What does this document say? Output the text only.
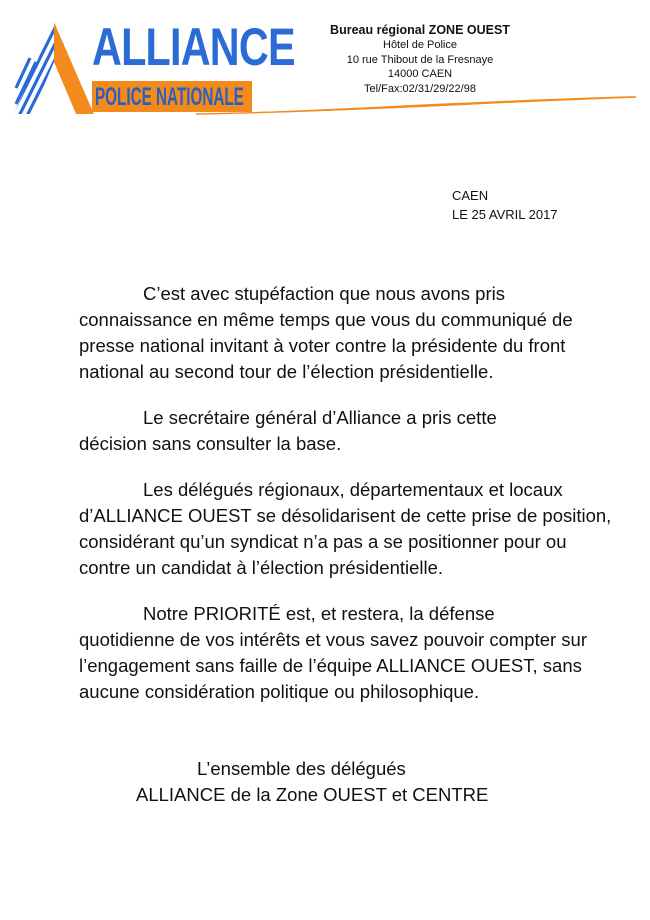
ALLIANCE
POLICE NATIONALE
Bureau régional ZONE OUEST
Hôtel de Police
10 rue Thibout de la Fresnaye
14000 CAEN
Tel/Fax:02/31/29/22/98
CAEN
LE 25 AVRIL 2017

C’est avec stupéfaction que nous avons pris
connaissance en même temps que vous du communiqué de
presse national invitant à voter contre la présidente du front
national au second tour de l’élection présidentielle.

Le secrétaire général d’Alliance a pris cette
décision sans consulter la base.

Les délégués régionaux, départementaux et locaux
d’ALLIANCE OUEST se désolidarisent de cette prise de position,
considérant qu’un syndicat n’a pas a se positionner pour ou
contre un candidat à l’élection présidentielle.

Notre PRIORITÉ est, et restera, la défense
quotidienne de vos intérêts et vous savez pouvoir compter sur
l’engagement sans faille de l’équipe ALLIANCE OUEST, sans
aucune considération politique ou philosophique.

L’ensemble des délégués
ALLIANCE de la Zone OUEST et CENTRE
